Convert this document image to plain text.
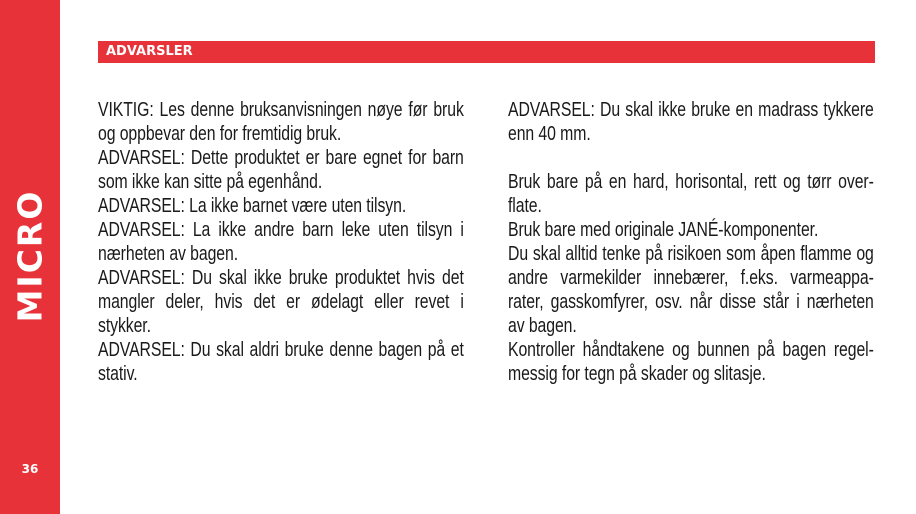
MICRO
36
ADVARSLER

VIKTIG: Les denne bruksanvisningen nøye før bruk og oppbevar den for fremtidig bruk.

ADVARSEL: Dette produktet er bare egnet for barn som ikke kan sitte på egenhånd.

ADVARSEL: La ikke barnet være uten tilsyn.

ADVARSEL: La ikke andre barn leke uten tilsyn i nærheten av bagen.

ADVARSEL: Du skal ikke bruke produktet hvis det mangler deler, hvis det er ødelagt eller revet i stykker.

ADVARSEL: Du skal aldri bruke denne bagen på et stativ.

ADVARSEL: Du skal ikke bruke en madrass tykkere enn 40 mm.

Bruk bare på en hard, horisontal, rett og tørr over-flate.

Bruk bare med originale JANÉ-komponenter.

Du skal alltid tenke på risikoen som åpen flamme og andre varmekilder innebærer, f.eks. varmeappa-rater, gasskomfyrer, osv. når disse står i nærheten av bagen.

Kontroller håndtakene og bunnen på bagen regel-messig for tegn på skader og slitasje.
